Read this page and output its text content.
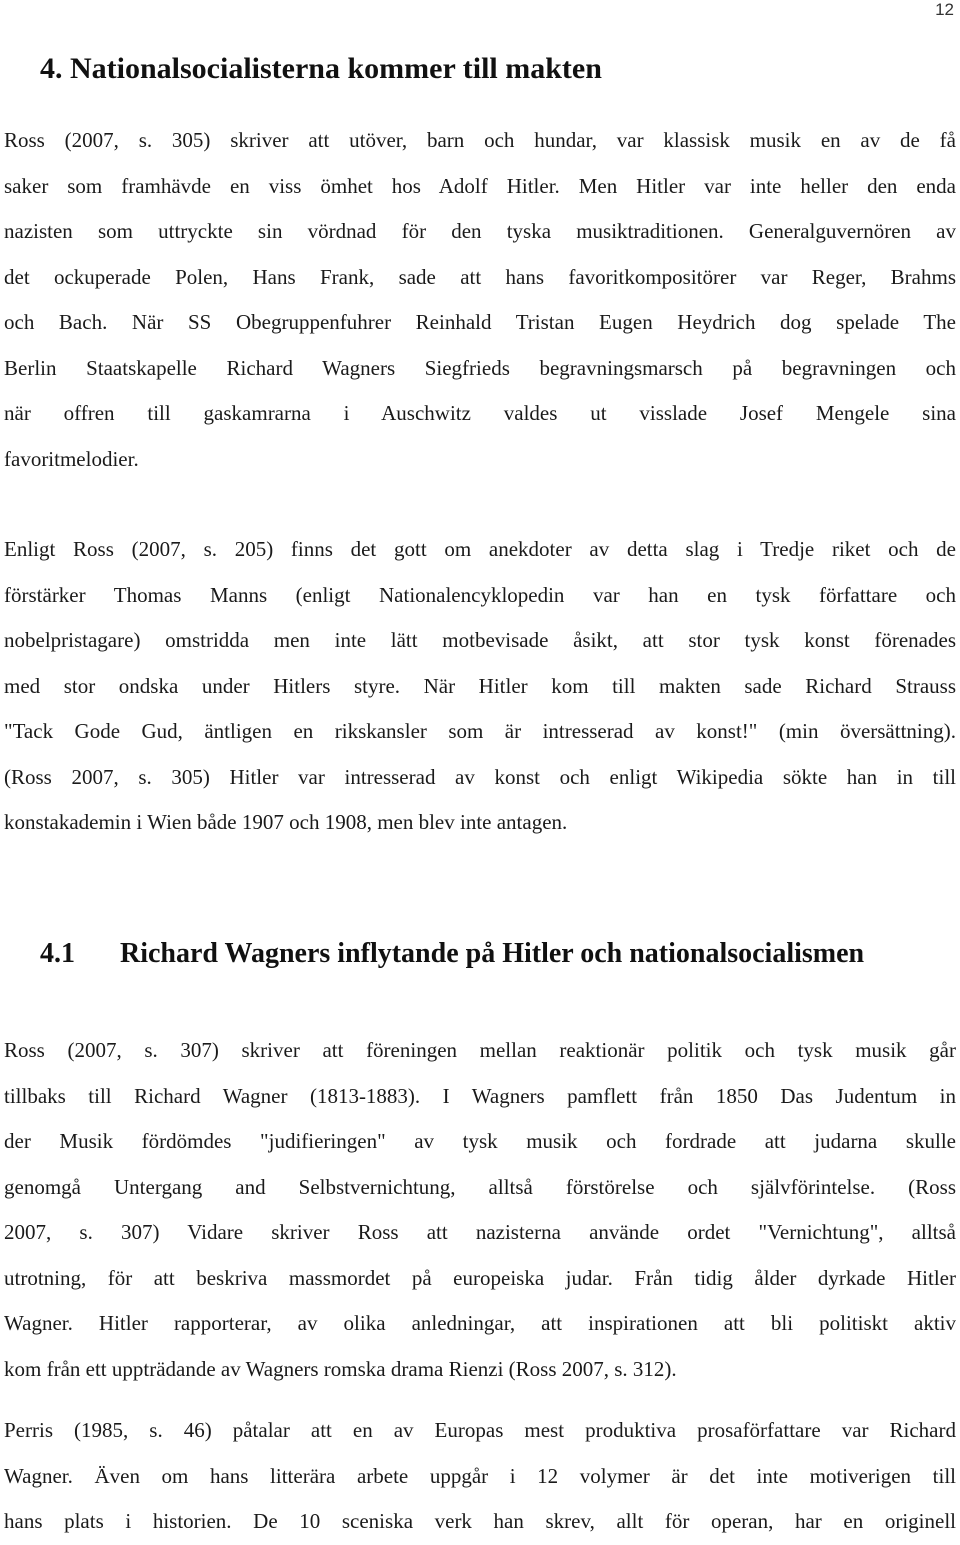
12
4. Nationalsocialisterna kommer till makten
Ross (2007, s. 305) skriver att utöver, barn och hundar, var klassisk musik en av de få
saker som framhävde en viss ömhet hos Adolf Hitler. Men Hitler var inte heller den enda
nazisten som uttryckte sin vördnad för den tyska musiktraditionen. Generalguvernören av
det ockuperade Polen, Hans Frank, sade att hans favoritkompositörer var Reger, Brahms
och Bach. När SS Obegruppenfuhrer Reinhald Tristan Eugen Heydrich dog spelade The
Berlin Staatskapelle Richard Wagners Siegfrieds begravningsmarsch på begravningen och
när offren till gaskamrarna i Auschwitz valdes ut visslade Josef Mengele sina
favoritmelodier.
Enligt Ross (2007, s. 205) finns det gott om anekdoter av detta slag i Tredje riket och de
förstärker Thomas Manns (enligt Nationalencyklopedin var han en tysk författare och
nobelpristagare) omstridda men inte lätt motbevisade åsikt, att stor tysk konst förenades
med stor ondska under Hitlers styre. När Hitler kom till makten sade Richard Strauss
"Tack Gode Gud, äntligen en rikskansler som är intresserad av konst!" (min översättning).
(Ross 2007, s. 305) Hitler var intresserad av konst och enligt Wikipedia sökte han in till
konstakademin i Wien både 1907 och 1908, men blev inte antagen.
4.1 Richard Wagners inflytande på Hitler och nationalsocialismen
Ross (2007, s. 307) skriver att föreningen mellan reaktionär politik och tysk musik går
tillbaks till Richard Wagner (1813-1883). I Wagners pamflett från 1850 Das Judentum in
der Musik fördömdes "judifieringen" av tysk musik och fordrade att judarna skulle
genomgå Untergang and Selbstvernichtung, alltså förstörelse och självförintelse. (Ross
2007, s. 307) Vidare skriver Ross att nazisterna använde ordet "Vernichtung", alltså
utrotning, för att beskriva massmordet på europeiska judar. Från tidig ålder dyrkade Hitler
Wagner. Hitler rapporterar, av olika anledningar, att inspirationen att bli politiskt aktiv
kom från ett uppträdande av Wagners romska drama Rienzi (Ross 2007, s. 312).
Perris (1985, s. 46) påtalar att en av Europas mest produktiva prosaförfattare var Richard
Wagner. Även om hans litterära arbete uppgår i 12 volymer är det inte motiverigen till
hans plats i historien. De 10 sceniska verk han skrev, allt för operan, har en originell
